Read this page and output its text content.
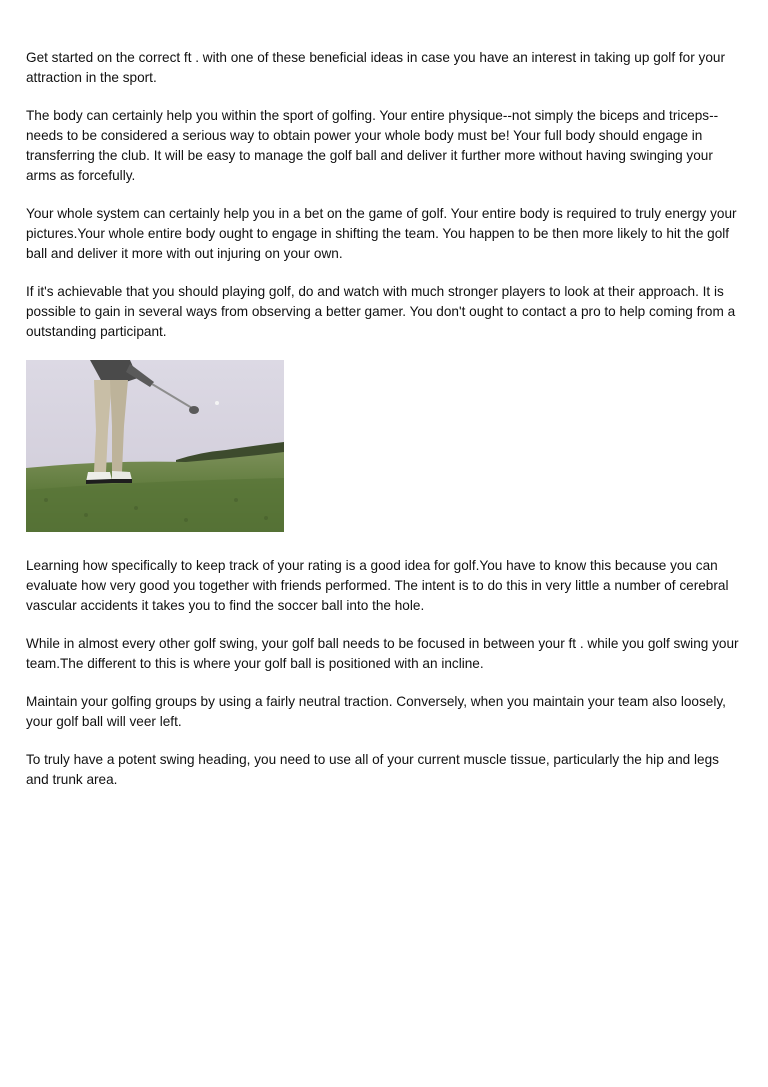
Get started on the correct ft . with one of these beneficial ideas in case you have an interest in taking up golf for your attraction in the sport.

The body can certainly help you within the sport of golfing. Your entire physique--not simply the biceps and triceps--needs to be considered a serious way to obtain power your whole body must be! Your full body should engage in transferring the club. It will be easy to manage the golf ball and deliver it further more without having swinging your arms as forcefully.

Your whole system can certainly help you in a bet on the game of golf. Your entire body is required to truly energy your pictures.Your whole entire body ought to engage in shifting the team. You happen to be then more likely to hit the golf ball and deliver it more with out injuring on your own.

If it's achievable that you should playing golf, do and watch with much stronger players to look at their approach. It is possible to gain in several ways from observing a better gamer. You don't ought to contact a pro to help coming from a outstanding participant.

Learning how specifically to keep track of your rating is a good idea for golf.You have to know this because you can evaluate how very good you together with friends performed. The intent is to do this in very little a number of cerebral vascular accidents it takes you to find the soccer ball into the hole.

While in almost every other golf swing, your golf ball needs to be focused in between your ft . while you golf swing your team.The different to this is where your golf ball is positioned with an incline.

Maintain your golfing groups by using a fairly neutral traction. Conversely, when you maintain your team also loosely, your golf ball will veer left.

To truly have a potent swing heading, you need to use all of your current muscle tissue, particularly the hip and legs and trunk area.
